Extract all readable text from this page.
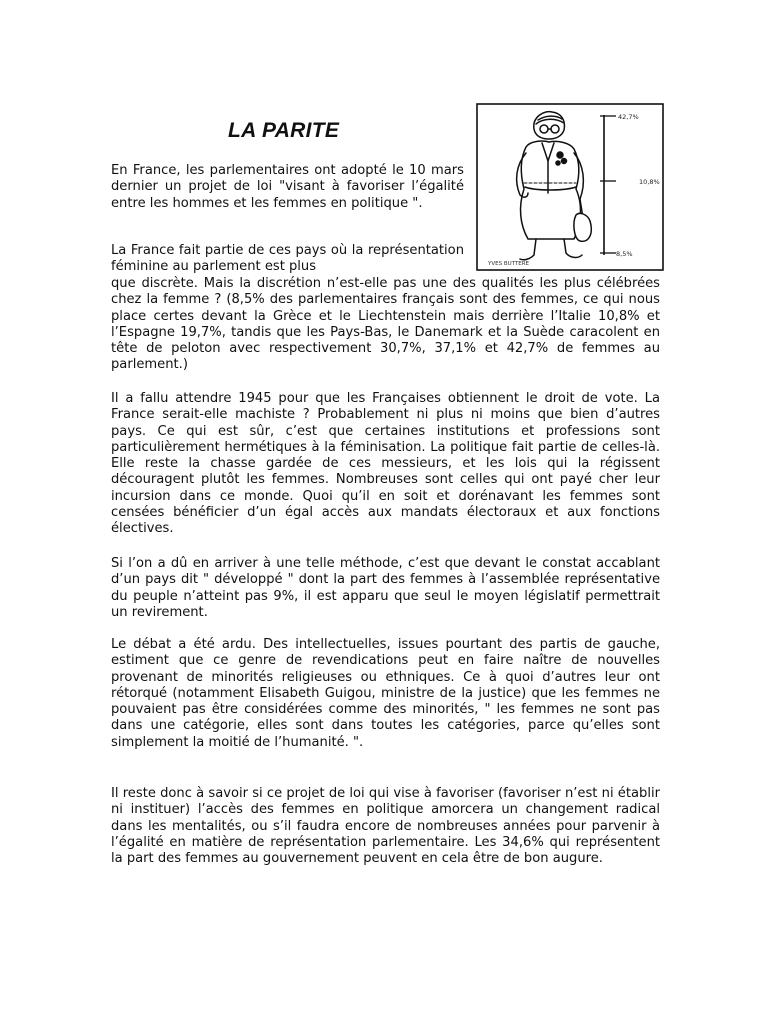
LA PARITE
42,7%
10,8%
8,5%
YVES BUTTERE

En France, les parlementaires ont adopté le 10 mars dernier un projet de loi "visant à favoriser l’égalité entre les hommes et les femmes en politique ".

La France fait partie de ces pays où la représentation féminine au parlement est plus

que discrète. Mais la discrétion n’est-elle pas une des qualités les plus célébrées chez la femme ? (8,5% des parlementaires français sont des femmes, ce qui nous place certes devant la Grèce et le Liechtenstein mais derrière l’Italie 10,8% et l’Espagne 19,7%, tandis que les Pays-Bas, le Danemark et la Suède caracolent en tête de peloton avec respectivement 30,7%, 37,1% et 42,7% de femmes au parlement.)

Il a fallu attendre 1945 pour que les Françaises obtiennent le droit de vote. La France serait-elle machiste ? Probablement ni plus ni moins que bien d’autres pays. Ce qui est sûr, c’est que certaines institutions et professions sont particulièrement hermétiques à la féminisation. La politique fait partie de celles-là. Elle reste la chasse gardée de ces messieurs, et les lois qui la régissent découragent plutôt les femmes. Nombreuses sont celles qui ont payé cher leur incursion dans ce monde. Quoi qu’il en soit et dorénavant les femmes sont censées bénéficier d’un égal accès aux mandats électoraux et aux fonctions électives.

Si l’on a dû en arriver à une telle méthode, c’est que devant le constat accablant d’un pays dit " développé " dont la part des femmes à l’assemblée représentative du peuple n’atteint pas 9%, il est apparu que seul le moyen législatif permettrait un revirement.

Le débat a été ardu. Des intellectuelles, issues pourtant des partis de gauche, estiment que ce genre de revendications peut en faire naître de nouvelles provenant de minorités religieuses ou ethniques. Ce à quoi d’autres leur ont rétorqué (notamment Elisabeth Guigou, ministre de la justice) que les femmes ne pouvaient pas être considérées comme des minorités, " les femmes ne sont pas dans une catégorie, elles sont dans toutes les catégories, parce qu’elles sont simplement la moitié de l’humanité. ".

Il reste donc à savoir si ce projet de loi qui vise à favoriser (favoriser n’est ni établir ni instituer) l’accès des femmes en politique amorcera un changement radical dans les mentalités, ou s’il faudra encore de nombreuses années pour parvenir à l’égalité en matière de représentation parlementaire. Les 34,6% qui représentent la part des femmes au gouvernement peuvent en cela être de bon augure.
